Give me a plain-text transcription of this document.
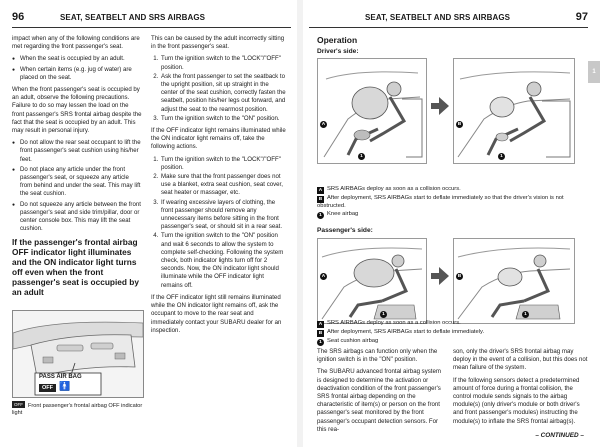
96	SEAT, SEATBELT AND SRS AIRBAGS

impact when any of the following conditions are met regarding the front passenger's seat.

● When the seat is occupied by an adult.
● When certain items (e.g. jug of water) are placed on the seat.

When the front passenger's seat is occupied by an adult, observe the following precautions. Failure to do so may lessen the load on the front passenger's SRS frontal airbag despite the fact that the seat is occupied by an adult. This may result in personal injury.

● Do not allow the rear seat occupant to lift the front passenger's seat cushion using his/her feet.
● Do not place any article under the front passenger's seat, or squeeze any article from behind and under the seat. This may lift the seat cushion.
● Do not squeeze any article between the front passenger's seat and side trim/pillar, door or center console box. This may lift the seat cushion.
If the passenger's frontal airbag OFF indicator light illuminates and the ON indicator light turns off even when the front passenger's seat is occupied by an adult
PASS AIR BAG
OFF 🚹
OFF Front passenger's frontal airbag OFF indicator light

This can be caused by the adult incorrectly sitting in the front passenger's seat.

1. Turn the ignition switch to the "LOCK"/"OFF" position.
2. Ask the front passenger to set the seatback to the upright position, sit up straight in the center of the seat cushion, correctly fasten the seatbelt, position his/her legs out forward, and adjust the seat to the rearmost position.
3. Turn the ignition switch to the "ON" position.

If the OFF indicator light remains illuminated while the ON indicator light remains off, take the following actions.

1. Turn the ignition switch to the "LOCK"/"OFF" position.
2. Make sure that the front passenger does not use a blanket, extra seat cushion, seat cover, seat heater or massager, etc.
3. If wearing excessive layers of clothing, the front passenger should remove any unnecessary items before sitting in the front passenger's seat, or should sit in a rear seat.
4. Turn the ignition switch to the "ON" position and wait 6 seconds to allow the system to complete self-checking. Following the system check, both indicator lights turn off for 2 seconds. Now, the ON indicator light should illuminate while the OFF indicator light remains off.

If the OFF indicator light still remains illuminated while the ON indicator light remains off, ask the occupant to move to the rear seat and immediately contact your SUBARU dealer for an inspection.

SEAT, SEATBELT AND SRS AIRBAGS	97
1
Operation
Driver's side:
A
1
B
1
A SRS AIRBAGs deploy as soon as a collision occurs.
B After deployment, SRS AIRBAGs start to deflate immediately so that the driver's vision is not obstructed.
1 Knee airbag
Passenger's side:
A
1
B
1
A SRS AIRBAGs deploy as soon as a collision occurs.
B After deployment, SRS AIRBAGs start to deflate immediately.
1 Seat cushion airbag

The SRS airbags can function only when the ignition switch is in the "ON" position.

The SUBARU advanced frontal airbag system is designed to determine the activation or deactivation condition of the front passenger's SRS frontal airbag depending on the characteristic of item(s) or person on the front passenger's seat monitored by the front passenger's occupant detection sensors. For this rea-

son, only the driver's SRS frontal airbag may deploy in the event of a collision, but this does not mean failure of the system.

If the following sensors detect a predetermined amount of force during a frontal collision, the control module sends signals to the airbag module(s) (only driver's module or both driver's and front passenger's modules) instructing the module(s) to inflate the SRS frontal airbag(s).

– CONTINUED –
